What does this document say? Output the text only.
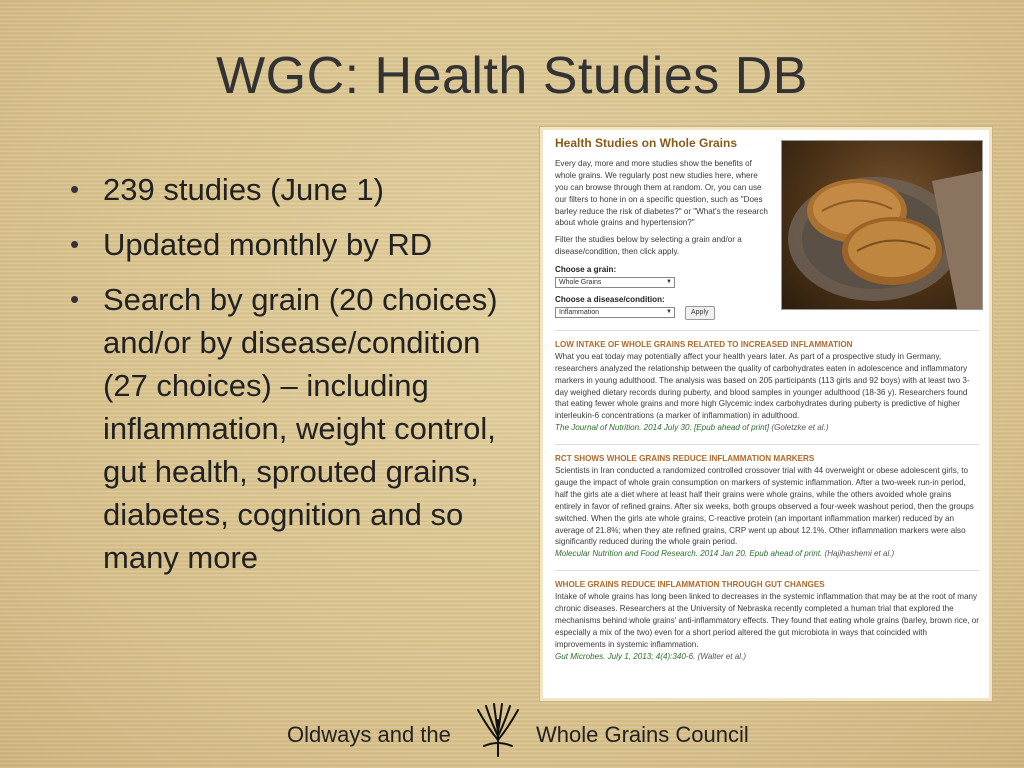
WGC: Health Studies DB
• 239 studies (June 1)
• Updated monthly by RD
• Search by grain (20 choices) and/or by disease/condition (27 choices) – including inflammation, weight control, gut health, sprouted grains, diabetes, cognition and so many more
Health Studies on Whole Grains
Every day, more and more studies show the benefits of whole grains. We regularly post new studies here, where you can browse through them at random. Or, you can use our filters to hone in on a specific question, such as "Does barley reduce the risk of diabetes?" or "What's the research about whole grains and hypertension?"
Filter the studies below by selecting a grain and/or a disease/condition, then click apply.
Choose a grain:
Whole Grains	▼
Choose a disease/condition:
Inflammation	▼	Apply
LOW INTAKE OF WHOLE GRAINS RELATED TO INCREASED INFLAMMATION
What you eat today may potentially affect your health years later. As part of a prospective study in Germany, researchers analyzed the relationship between the quality of carbohydrates eaten in adolescence and inflammatory markers in young adulthood. The analysis was based on 205 participants (113 girls and 92 boys) with at least two 3-day weighed dietary records during puberty, and blood samples in younger adulthood (18-36 y). Researchers found that eating fewer whole grains and more high Glycemic index carbohydrates during puberty is predictive of higher interleukin-6 concentrations (a marker of inflammation) in adulthood.
The Journal of Nutrition. 2014 July 30. [Epub ahead of print] (Goletzke et al.)
RCT SHOWS WHOLE GRAINS REDUCE INFLAMMATION MARKERS
Scientists in Iran conducted a randomized controlled crossover trial with 44 overweight or obese adolescent girls, to gauge the impact of whole grain consumption on markers of systemic inflammation. After a two-week run-in period, half the girls ate a diet where at least half their grains were whole grains, while the others avoided whole grains entirely in favor of refined grains. After six weeks, both groups observed a four-week washout period, then the groups switched. When the girls ate whole grains, C-reactive protein (an important inflammation marker) reduced by an average of 21.8%; when they ate refined grains, CRP went up about 12.1%. Other inflammation markers were also significantly reduced during the whole grain period.
Molecular Nutrition and Food Research. 2014 Jan 20. Epub ahead of print. (Hajihashemi et al.)
WHOLE GRAINS REDUCE INFLAMMATION THROUGH GUT CHANGES
Intake of whole grains has long been linked to decreases in the systemic inflammation that may be at the root of many chronic diseases. Researchers at the University of Nebraska recently completed a human trial that explored the mechanisms behind whole grains' anti-inflammatory effects. They found that eating whole grains (barley, brown rice, or especially a mix of the two) even for a short period altered the gut microbiota in ways that coincided with improvements in systemic inflammation.
Gut Microbes. July 1, 2013; 4(4):340-6. (Walter et al.)
Oldways and the	Whole Grains Council
